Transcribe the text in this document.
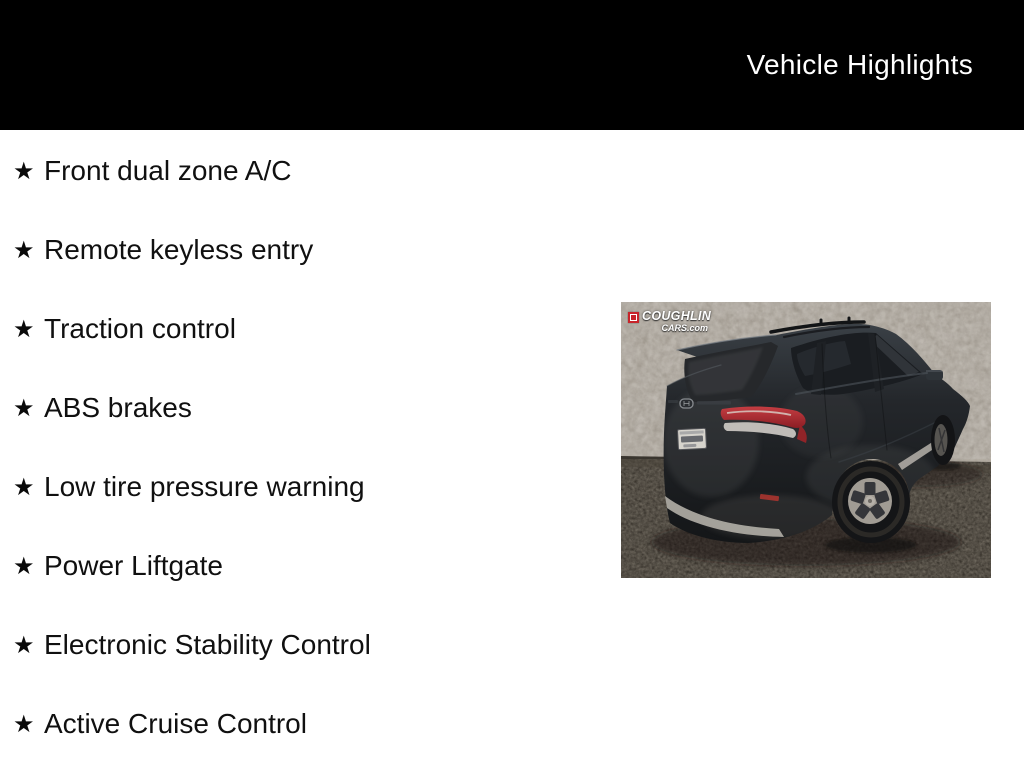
Vehicle Highlights
★ Front dual zone A/C
★ Remote keyless entry
★ Traction control
★ ABS brakes
★ Low tire pressure warning
★ Power Liftgate
★ Electronic Stability Control
★ Active Cruise Control
COUGHLIN
CARS.com
